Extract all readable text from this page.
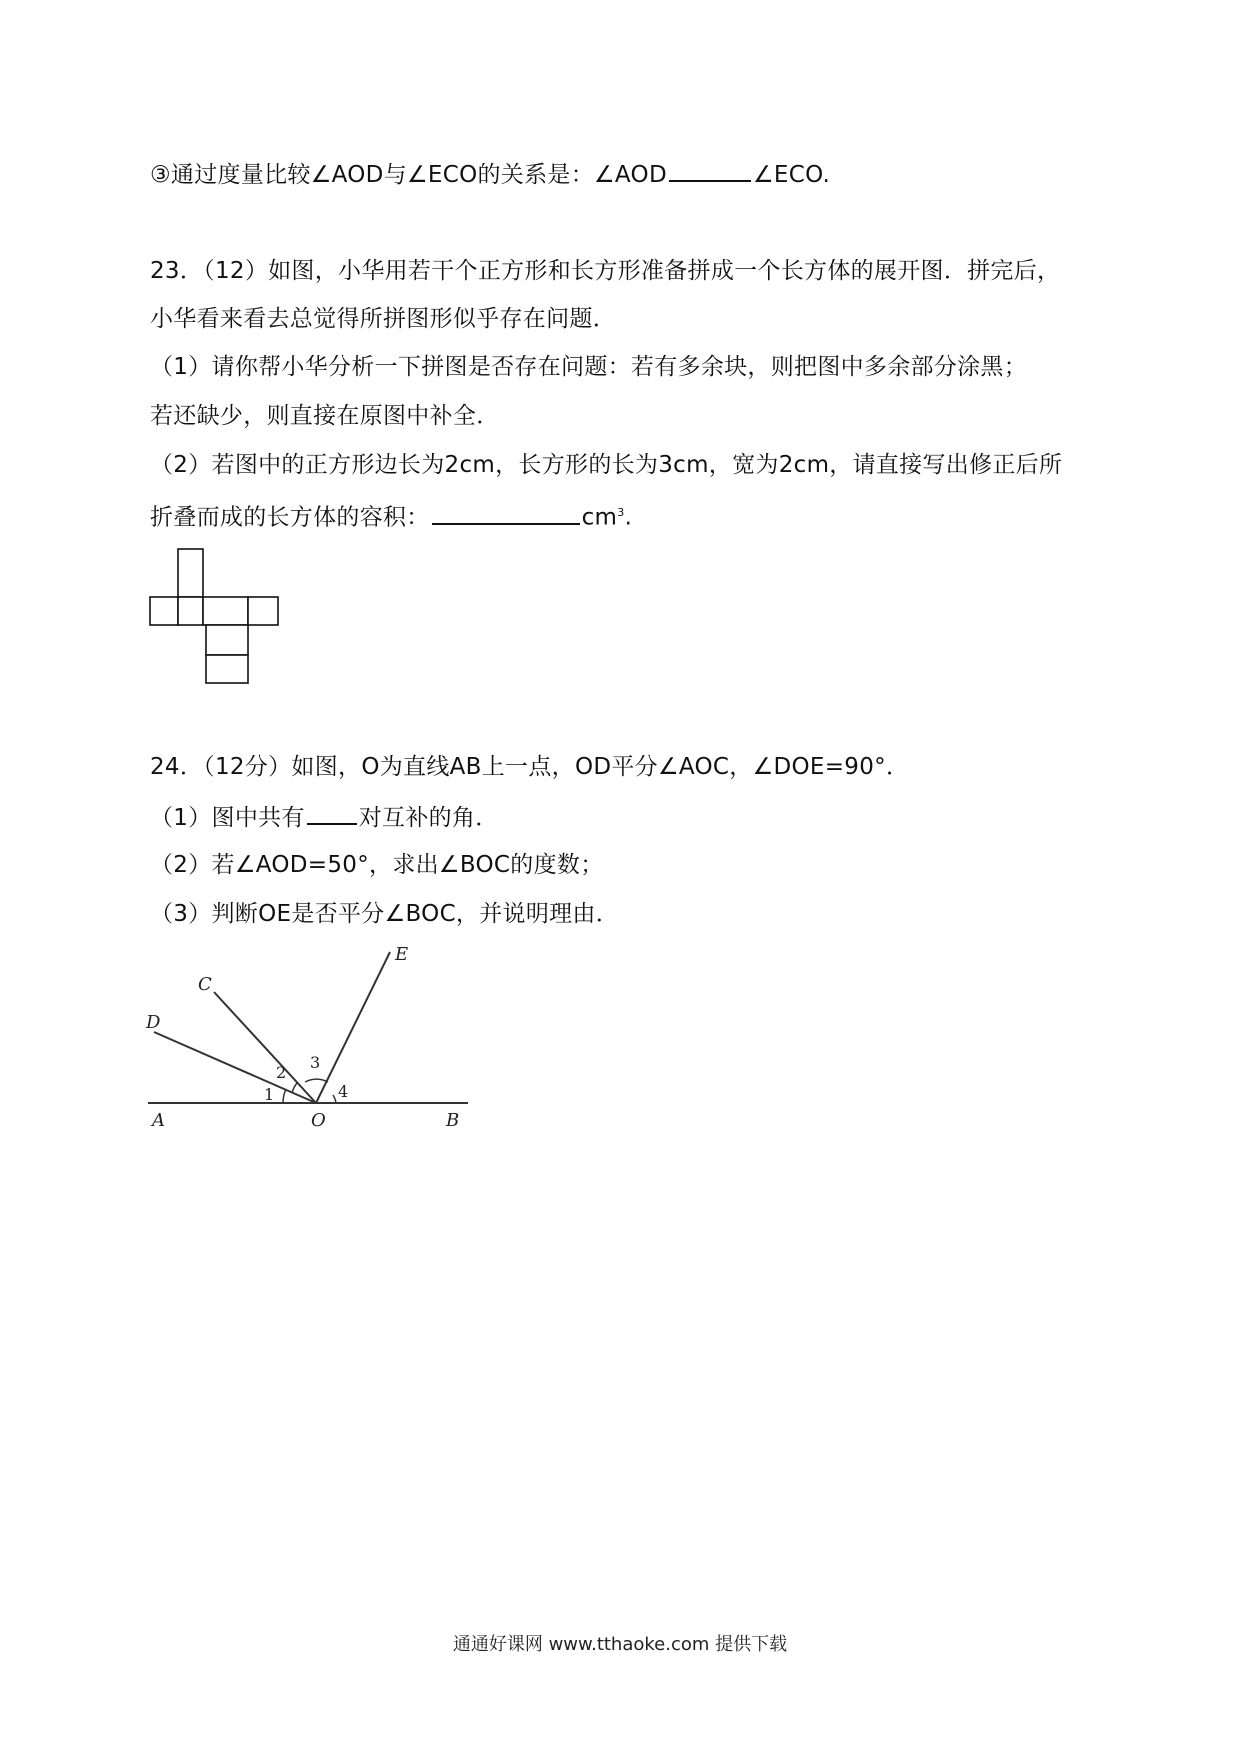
③通过度量比较∠AOD与∠ECO的关系是：∠AOD	∠ECO.
23．（12）如图，小华用若干个正方形和长方形准备拼成一个长方体的展开图．拼完后，
小华看来看去总觉得所拼图形似乎存在问题．
（1）请你帮小华分析一下拼图是否存在问题：若有多余块，则把图中多余部分涂黑；
若还缺少，则直接在原图中补全．
（2）若图中的正方形边长为2cm，长方形的长为3cm，宽为2cm，请直接写出修正后所
折叠而成的长方体的容积：	$cm^3$.
24．（12分）如图，O为直线AB上一点，OD平分∠AOC，∠DOE=90°．
（1）图中共有 对互补的角．
（2）若∠AOD=50°，求出∠BOC的度数；
（3）判断OE是否平分∠BOC，并说明理由．
A	O	B
D
C
E
1
2
3
4
通通好课网 www.tthaoke.com 提供下载
